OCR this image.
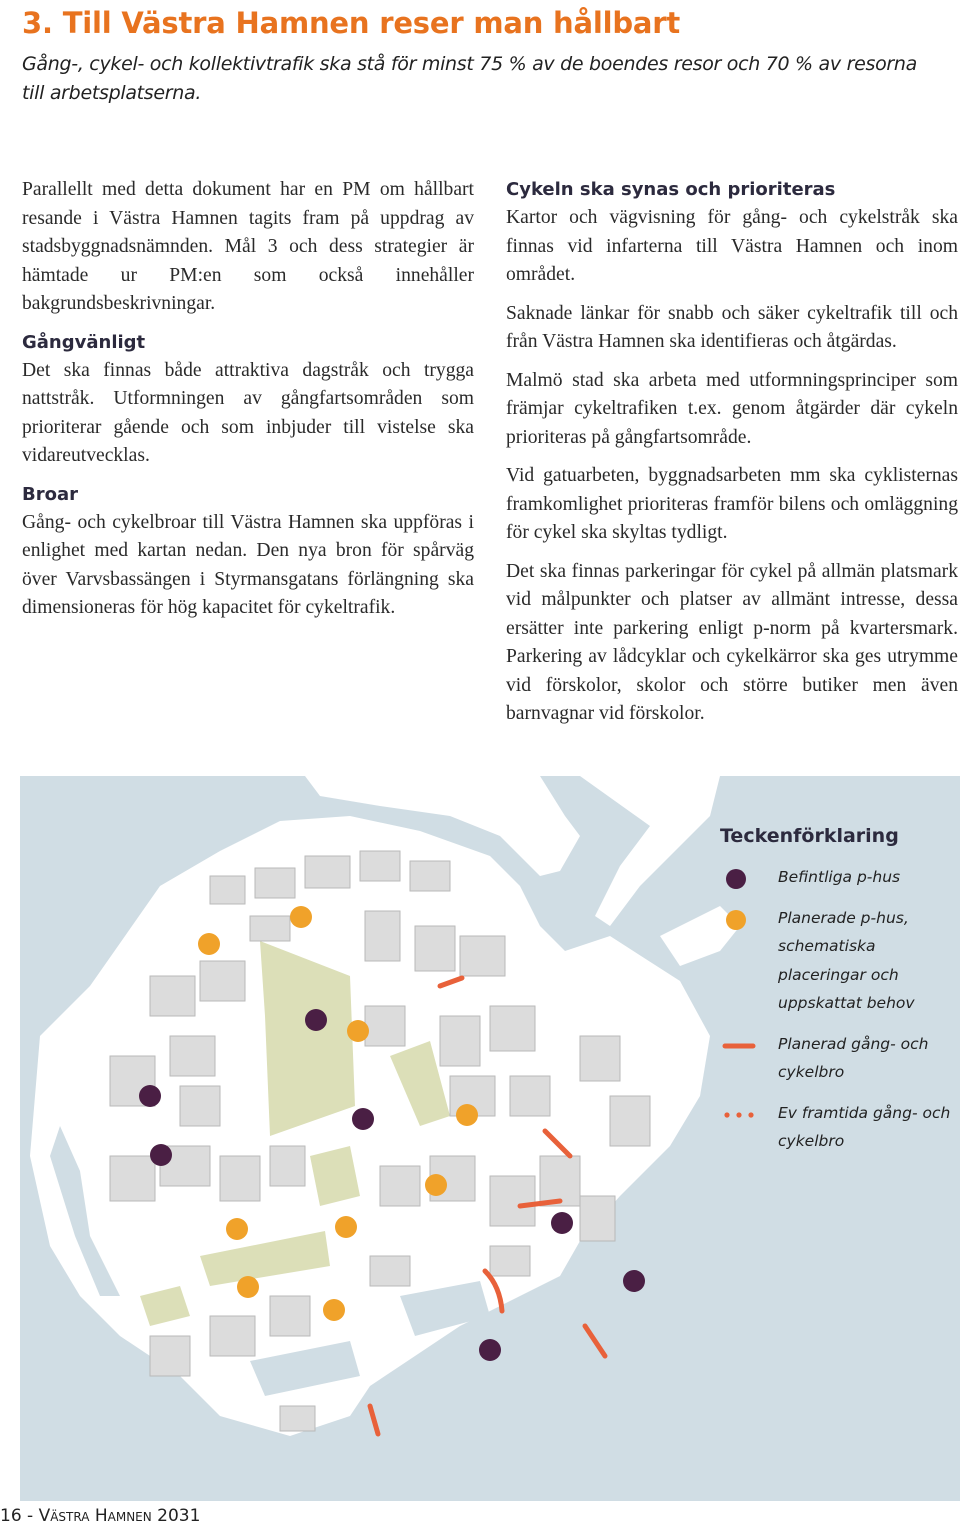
3. Till Västra Hamnen reser man hållbart

Gång-, cykel- och kollektivtrafik ska stå för minst 75 % av de boendes resor och 70 % av resorna till arbetsplatserna.

Parallellt med detta dokument har en PM om hållbart resande i Västra Hamnen tagits fram på uppdrag av stadsbyggnadsnämnden. Mål 3 och dess strategier är hämtade ur PM:en som också innehåller bakgrundsbeskrivningar.

Gångvänligt

Det ska finnas både attraktiva dagstråk och trygga nattstråk. Utformningen av gångfartsområden som prioriterar gående och som inbjuder till vistelse ska vidareutvecklas.

Broar

Gång- och cykelbroar till Västra Hamnen ska uppföras i enlighet med kartan nedan. Den nya bron för spårväg över Varvsbassängen i Styrmansgatans förlängning ska dimensioneras för hög kapacitet för cykeltrafik.

Cykeln ska synas och prioriteras

Kartor och vägvisning för gång- och cykelstråk ska finnas vid infarterna till Västra Hamnen och inom området.

Saknade länkar för snabb och säker cykeltrafik till och från Västra Hamnen ska identifieras och åtgärdas.

Malmö stad ska arbeta med utformningsprinciper som främjar cykeltrafiken t.ex. genom åtgärder där cykeln prioriteras på gångfartsområde.

Vid gatuarbeten, byggnadsarbeten mm ska cyklisternas framkomlighet prioriteras framför bilens och omläggning för cykel ska skyltas tydligt.

Det ska finnas parkeringar för cykel på allmän platsmark vid målpunkter och platser av allmänt intresse, dessa ersätter inte parkering enligt p-norm på kvartersmark. Parkering av lådcyklar och cykelkärror ska ges utrymme vid förskolor, skolor och större butiker men även barnvagnar vid förskolor.

Teckenförklaring
Befintliga p-hus
Planerade p-hus, schematiska placeringar och uppskattat behov
Planerad gång- och cykelbro
Ev framtida gång- och cykelbro
16 - Västra Hamnen 2031
